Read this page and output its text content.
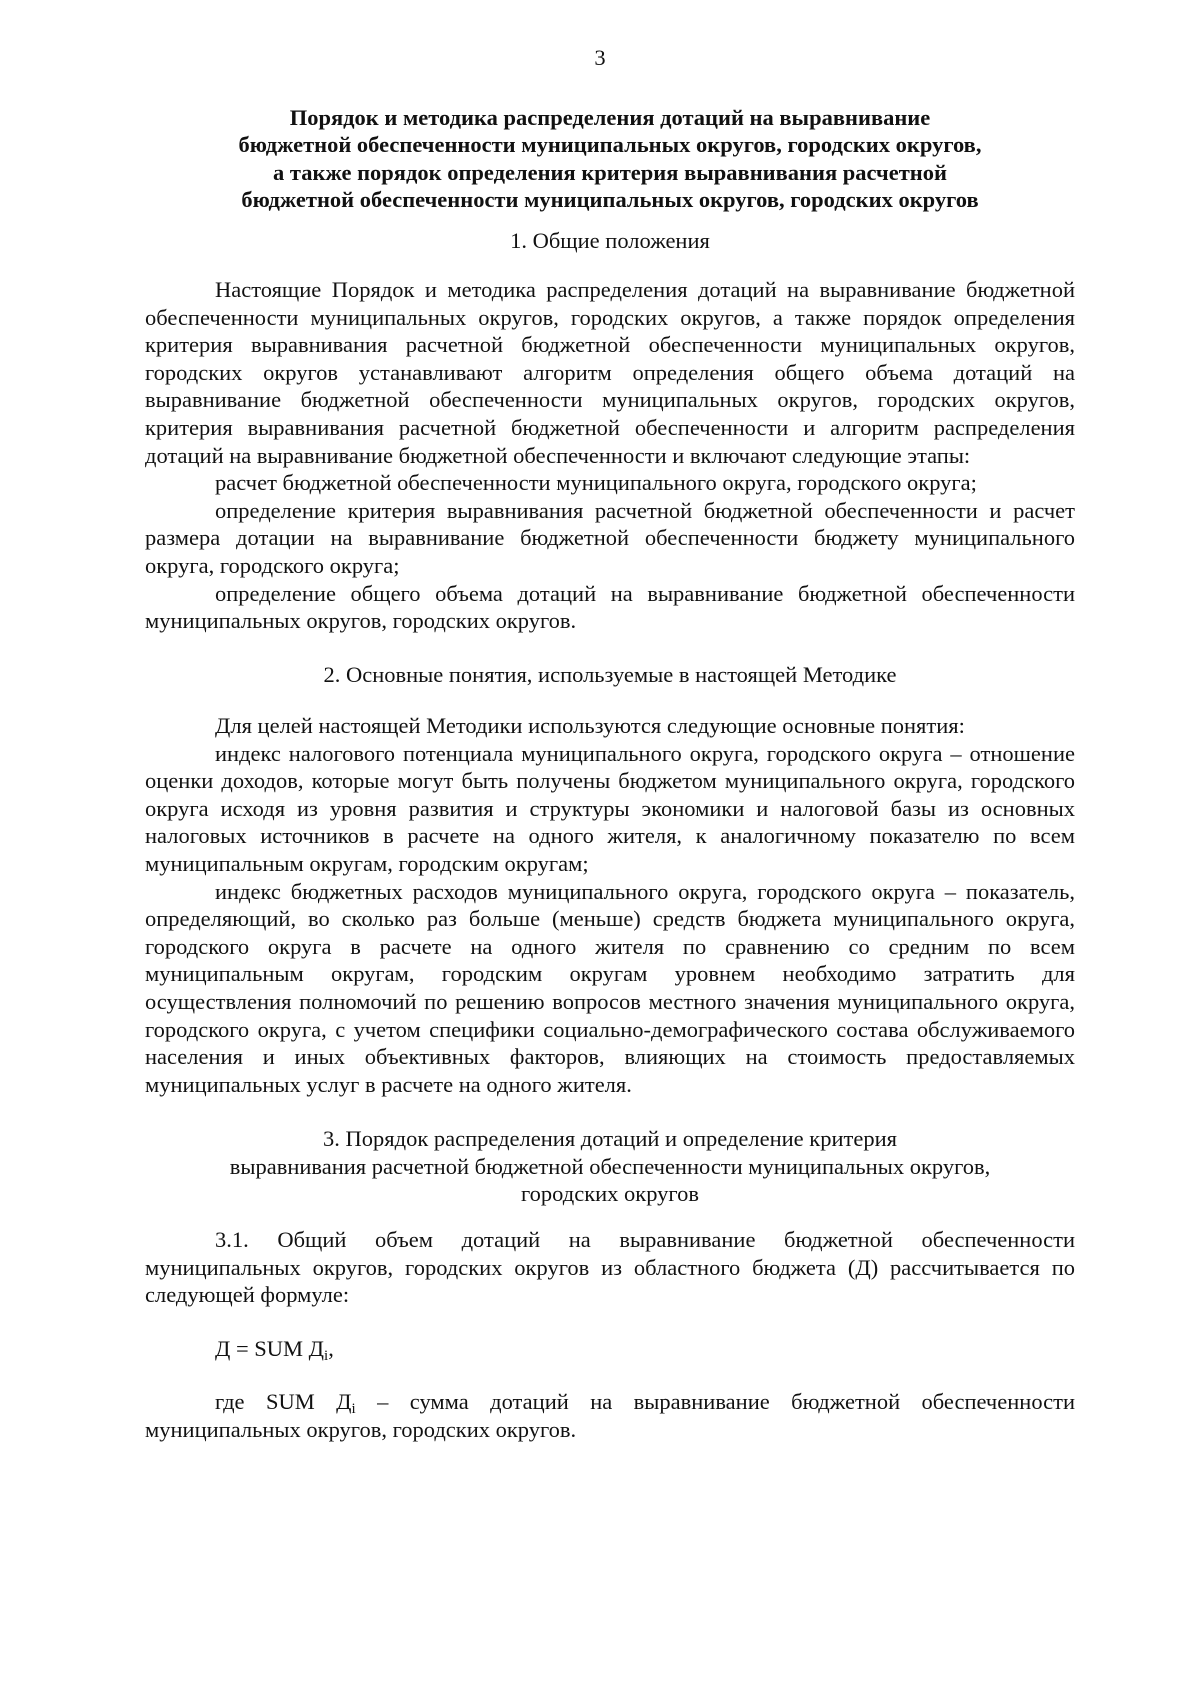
3
Порядок и методика распределения дотаций на выравнивание
бюджетной обеспеченности муниципальных округов, городских округов,
а также порядок определения критерия выравнивания расчетной
бюджетной обеспеченности муниципальных округов, городских округов
1. Общие положения

Настоящие Порядок и методика распределения дотаций на выравнивание бюджетной обеспеченности муниципальных округов, городских округов, а также порядок определения критерия выравнивания расчетной бюджетной обеспеченности муниципальных округов, городских округов устанавливают алгоритм определения общего объема дотаций на выравнивание бюджетной обеспеченности муниципальных округов, городских округов, критерия выравнивания расчетной бюджетной обеспеченности и алгоритм распределения дотаций на выравнивание бюджетной обеспеченности и включают следующие этапы:

расчет бюджетной обеспеченности муниципального округа, городского округа;

определение критерия выравнивания расчетной бюджетной обеспеченности и расчет размера дотации на выравнивание бюджетной обеспеченности бюджету муниципального округа, городского округа;

определение общего объема дотаций на выравнивание бюджетной обеспеченности муниципальных округов, городских округов.

2. Основные понятия, используемые в настоящей Методике

Для целей настоящей Методики используются следующие основные понятия:

индекс налогового потенциала муниципального округа, городского округа – отношение оценки доходов, которые могут быть получены бюджетом муниципального округа, городского округа исходя из уровня развития и структуры экономики и налоговой базы из основных налоговых источников в расчете на одного жителя, к аналогичному показателю по всем муниципальным округам, городским округам;

индекс бюджетных расходов муниципального округа, городского округа – показатель, определяющий, во сколько раз больше (меньше) средств бюджета муниципального округа, городского округа в расчете на одного жителя по сравнению со средним по всем муниципальным округам, городским округам уровнем необходимо затратить для осуществления полномочий по решению вопросов местного значения муниципального округа, городского округа, с учетом специфики социально-демографического состава обслуживаемого населения и иных объективных факторов, влияющих на стоимость предоставляемых муниципальных услуг в расчете на одного жителя.

3. Порядок распределения дотаций и определение критерия
выравнивания расчетной бюджетной обеспеченности муниципальных округов,
городских округов

3.1. Общий объем дотаций на выравнивание бюджетной обеспеченности муниципальных округов, городских округов из областного бюджета (Д) рассчитывается по следующей формуле:

Д = SUM $Д_i$,

где SUM $Д_i$ – сумма дотаций на выравнивание бюджетной обеспеченности муниципальных округов, городских округов.
